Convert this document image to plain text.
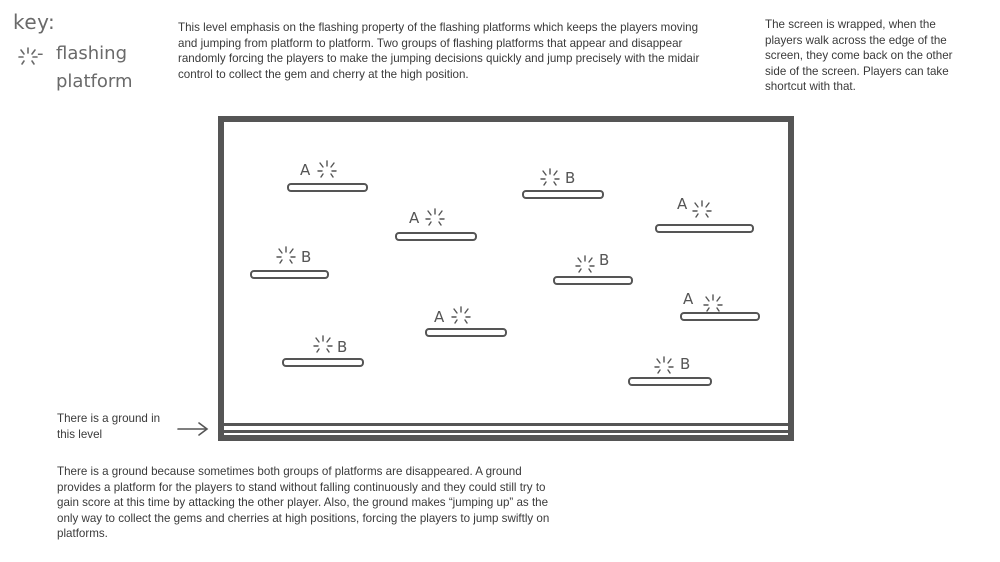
key:
- flashing
platform

This level emphasis on the flashing property of the flashing platforms which keeps the players moving and jumping from platform to platform. Two groups of flashing platforms that appear and disappear randomly forcing the players to make the jumping decisions quickly and jump precisely with the midair control to collect the gem and cherry at the high position.

The screen is wrapped, when the players walk across the edge of the screen, they come back on the other side of the screen. Players can take shortcut with that.

There is a ground in this level

There is a ground because sometimes both groups of platforms are disappeared. A ground provides a platform for the players to stand without falling continuously and they could still try to gain score at this time by attacking the other player. Also, the ground makes “jumping up” as the only way to collect the gems and cherries at high positions, forcing the players to jump swiftly on platforms.

A	B
A
A
B	B
A
A
B
B
